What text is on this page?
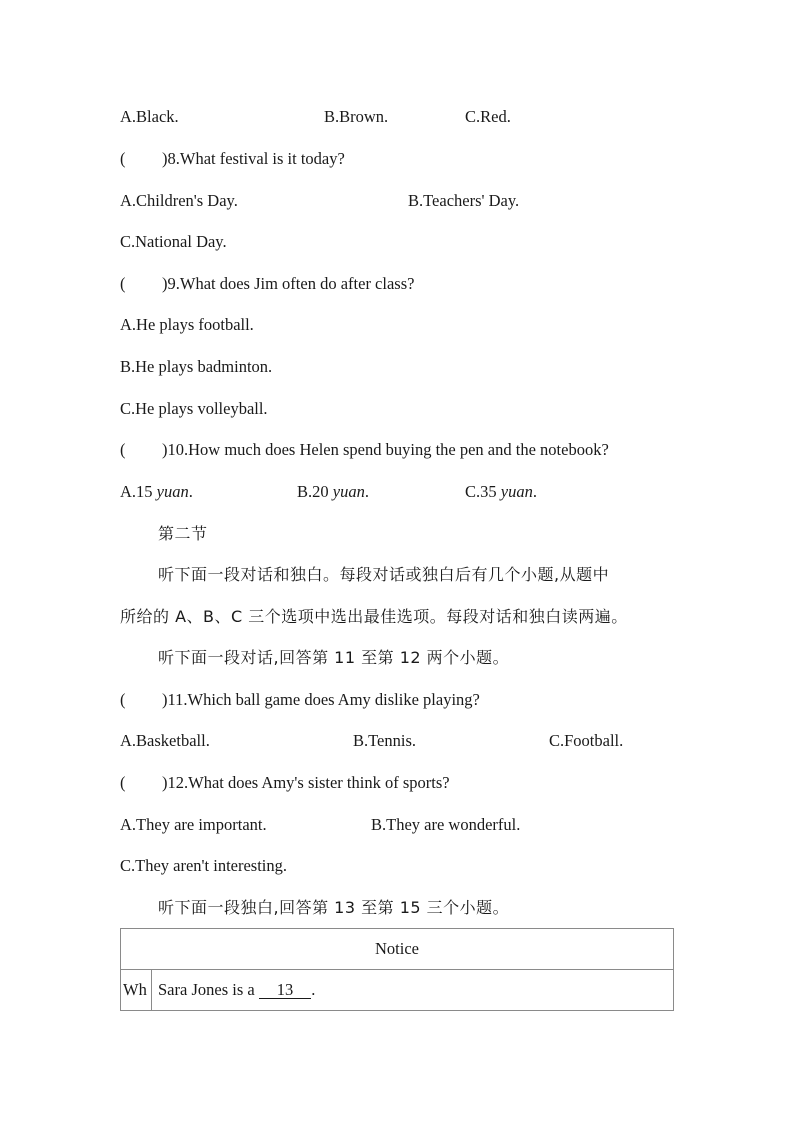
A.Black.	B.Brown.	C.Red.
( )8.What festival is it today?
A.Children's Day.	B.Teachers' Day.
C.National Day.
( )9.What does Jim often do after class?
A.He plays football.
B.He plays badminton.
C.He plays volleyball.
( )10.How much does Helen spend buying the pen and the notebook?
A.15 yuan.	B.20 yuan.	C.35 yuan.
第二节
听下面一段对话和独白。每段对话或独白后有几个小题,从题中
所给的 A、B、C 三个选项中选出最佳选项。每段对话和独白读两遍。
听下面一段对话,回答第 11 至第 12 两个小题。
( )11.Which ball game does Amy dislike playing?
A.Basketball.	B.Tennis.	C.Football.
( )12.What does Amy's sister think of sports?
A.They are important.	B.They are wonderful.
C.They aren't interesting.
听下面一段独白,回答第 13 至第 15 三个小题。
Notice
Wh	Sara Jones is a 13 .
